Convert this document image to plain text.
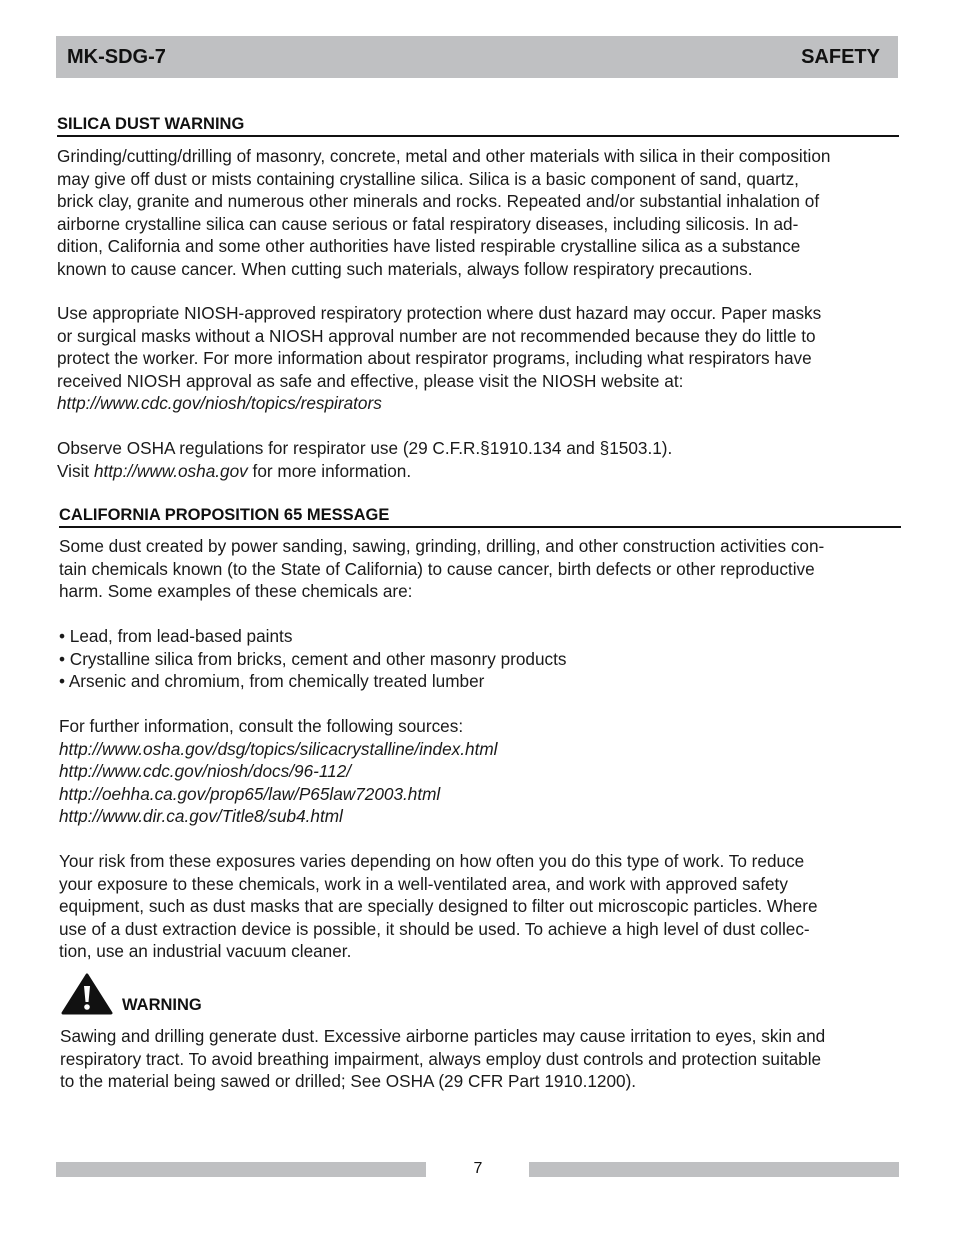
MK-SDG-7	SAFETY
SILICA DUST WARNING
Grinding/cutting/drilling of masonry, concrete, metal and other materials with silica in their composition
may give off dust or mists containing crystalline silica. Silica is a basic component of sand, quartz,
brick clay, granite and numerous other minerals and rocks. Repeated and/or substantial inhalation of
airborne crystalline silica can cause serious or fatal respiratory diseases, including silicosis. In ad-
dition, California and some other authorities have listed respirable crystalline silica as a substance
known to cause cancer. When cutting such materials, always follow respiratory precautions.
Use appropriate NIOSH-approved respiratory protection where dust hazard may occur. Paper masks
or surgical masks without a NIOSH approval number are not recommended because they do little to
protect the worker. For more information about respirator programs, including what respirators have
received NIOSH approval as safe and effective, please visit the NIOSH website at:
http://www.cdc.gov/niosh/topics/respirators
Observe OSHA regulations for respirator use (29 C.F.R.§1910.134 and §1503.1).
Visit http://www.osha.gov for more information.
CALIFORNIA PROPOSITION 65 MESSAGE
Some dust created by power sanding, sawing, grinding, drilling, and other construction activities con-
tain chemicals known (to the State of California) to cause cancer, birth defects or other reproductive
harm. Some examples of these chemicals are:
• Lead, from lead-based paints
• Crystalline silica from bricks, cement and other masonry products
• Arsenic and chromium, from chemically treated lumber
For further information, consult the following sources:
http://www.osha.gov/dsg/topics/silicacrystalline/index.html
http://www.cdc.gov/niosh/docs/96-112/
http://oehha.ca.gov/prop65/law/P65law72003.html
http://www.dir.ca.gov/Title8/sub4.html
Your risk from these exposures varies depending on how often you do this type of work. To reduce
your exposure to these chemicals, work in a well-ventilated area, and work with approved safety
equipment, such as dust masks that are specially designed to filter out microscopic particles. Where
use of a dust extraction device is possible, it should be used. To achieve a high level of dust collec-
tion, use an industrial vacuum cleaner.
WARNING
Sawing and drilling generate dust. Excessive airborne particles may cause irritation to eyes, skin and
respiratory tract. To avoid breathing impairment, always employ dust controls and protection suitable
to the material being sawed or drilled; See OSHA (29 CFR Part 1910.1200).
7
